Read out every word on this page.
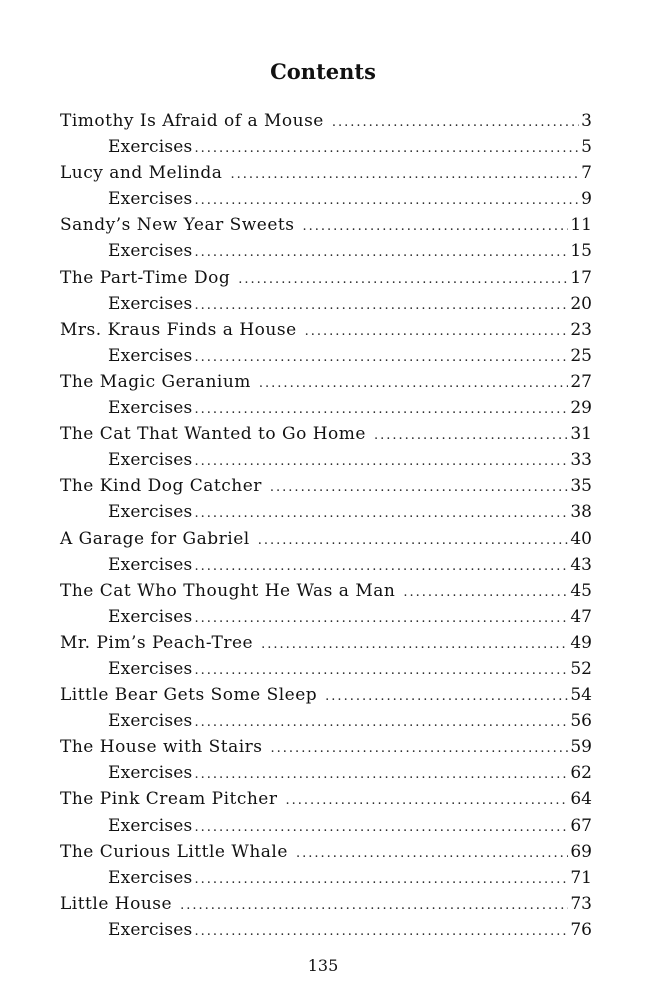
Contents
Timothy Is Afraid of a Mouse .....	3
Exercises .....	5
Lucy and Melinda .....	7
Exercises .....	9
Sandy’s New Year Sweets .....	11
Exercises .....	15
The Part-Time Dog .....	17
Exercises .....	20
Mrs. Kraus Finds a House .....	23
Exercises .....	25
The Magic Geranium .....	27
Exercises .....	29
The Cat That Wanted to Go Home .....	31
Exercises .....	33
The Kind Dog Catcher .....	35
Exercises .....	38
A Garage for Gabriel .....	40
Exercises .....	43
The Cat Who Thought He Was a Man .....	45
Exercises .....	47
Mr. Pim’s Peach-Tree .....	49
Exercises .....	52
Little Bear Gets Some Sleep .....	54
Exercises .....	56
The House with Stairs .....	59
Exercises .....	62
The Pink Cream Pitcher .....	64
Exercises .....	67
The Curious Little Whale .....	69
Exercises .....	71
Little House .....	73
Exercises .....	76
135
